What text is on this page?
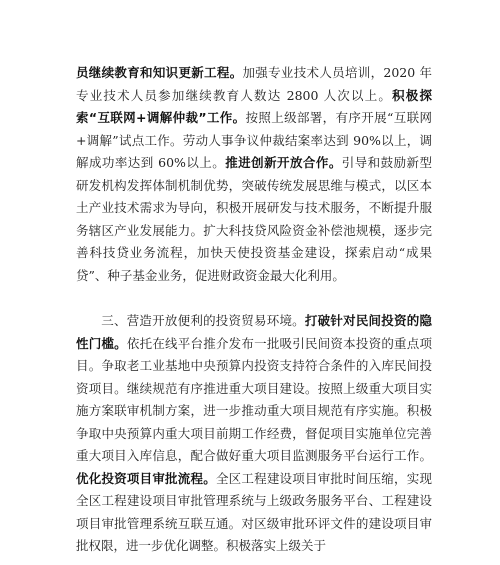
员继续教育和知识更新工程。加强专业技术人员培训，2020 年专业技术人员参加继续教育人数达 2800 人次以上。积极探索“互联网+调解仲裁”工作。按照上级部署，有序开展“互联网+调解”试点工作。劳动人事争议仲裁结案率达到 90%以上，调解成功率达到 60%以上。推进创新开放合作。引导和鼓励新型研发机构发挥体制机制优势，突破传统发展思维与模式，以区本土产业技术需求为导向，积极开展研发与技术服务，不断提升服务辖区产业发展能力。扩大科技贷风险资金补偿池规模，逐步完善科技贷业务流程，加快天使投资基金建设，探索启动“成果贷”、种子基金业务，促进财政资金最大化利用。

三、营造开放便利的投资贸易环境。打破针对民间投资的隐性门槛。依托在线平台推介发布一批吸引民间资本投资的重点项目。争取老工业基地中央预算内投资支持符合条件的入库民间投资项目。继续规范有序推进重大项目建设。按照上级重大项目实施方案联审机制方案，进一步推动重大项目规范有序实施。积极争取中央预算内重大项目前期工作经费，督促项目实施单位完善重大项目入库信息，配合做好重大项目监测服务平台运行工作。优化投资项目审批流程。全区工程建设项目审批时间压缩，实现全区工程建设项目审批管理系统与上级政务服务平台、工程建设项目审批管理系统互联互通。对区级审批环评文件的建设项目审批权限，进一步优化调整。积极落实上级关于
